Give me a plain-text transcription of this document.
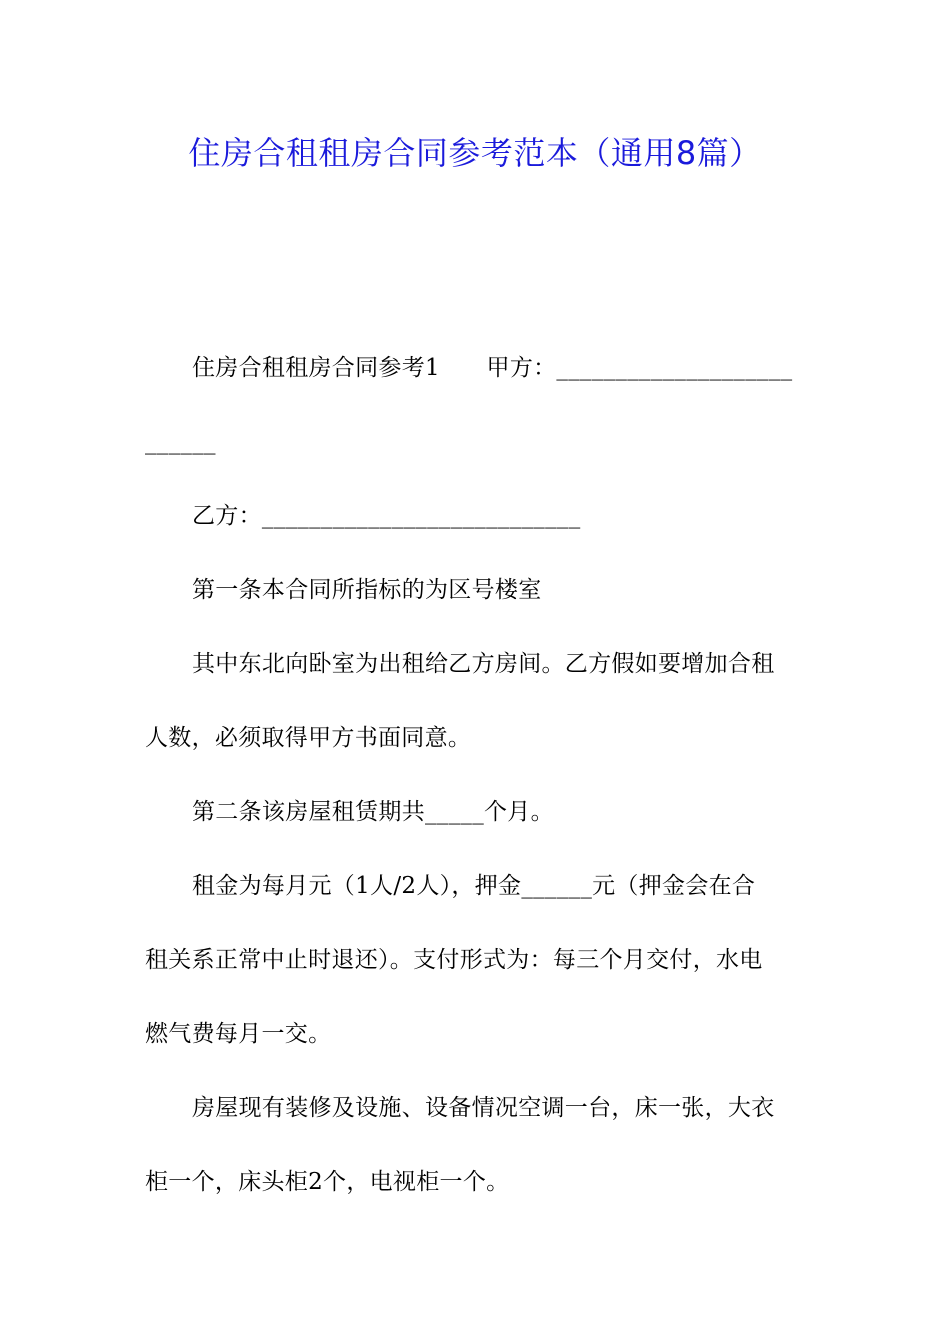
住房合租租房合同参考范本（通用8篇）

住房合租租房合同参考1　　甲方：____________________

______

乙方：___________________________

第一条本合同所指标的为区号楼室

其中东北向卧室为出租给乙方房间。乙方假如要增加合租

人数，必须取得甲方书面同意。

第二条该房屋租赁期共_____个月。

租金为每月元（1人/2人），押金______元（押金会在合

租关系正常中止时退还）。支付形式为：每三个月交付，水电

燃气费每月一交。

房屋现有装修及设施、设备情况空调一台，床一张，大衣

柜一个，床头柜2个，电视柜一个。
